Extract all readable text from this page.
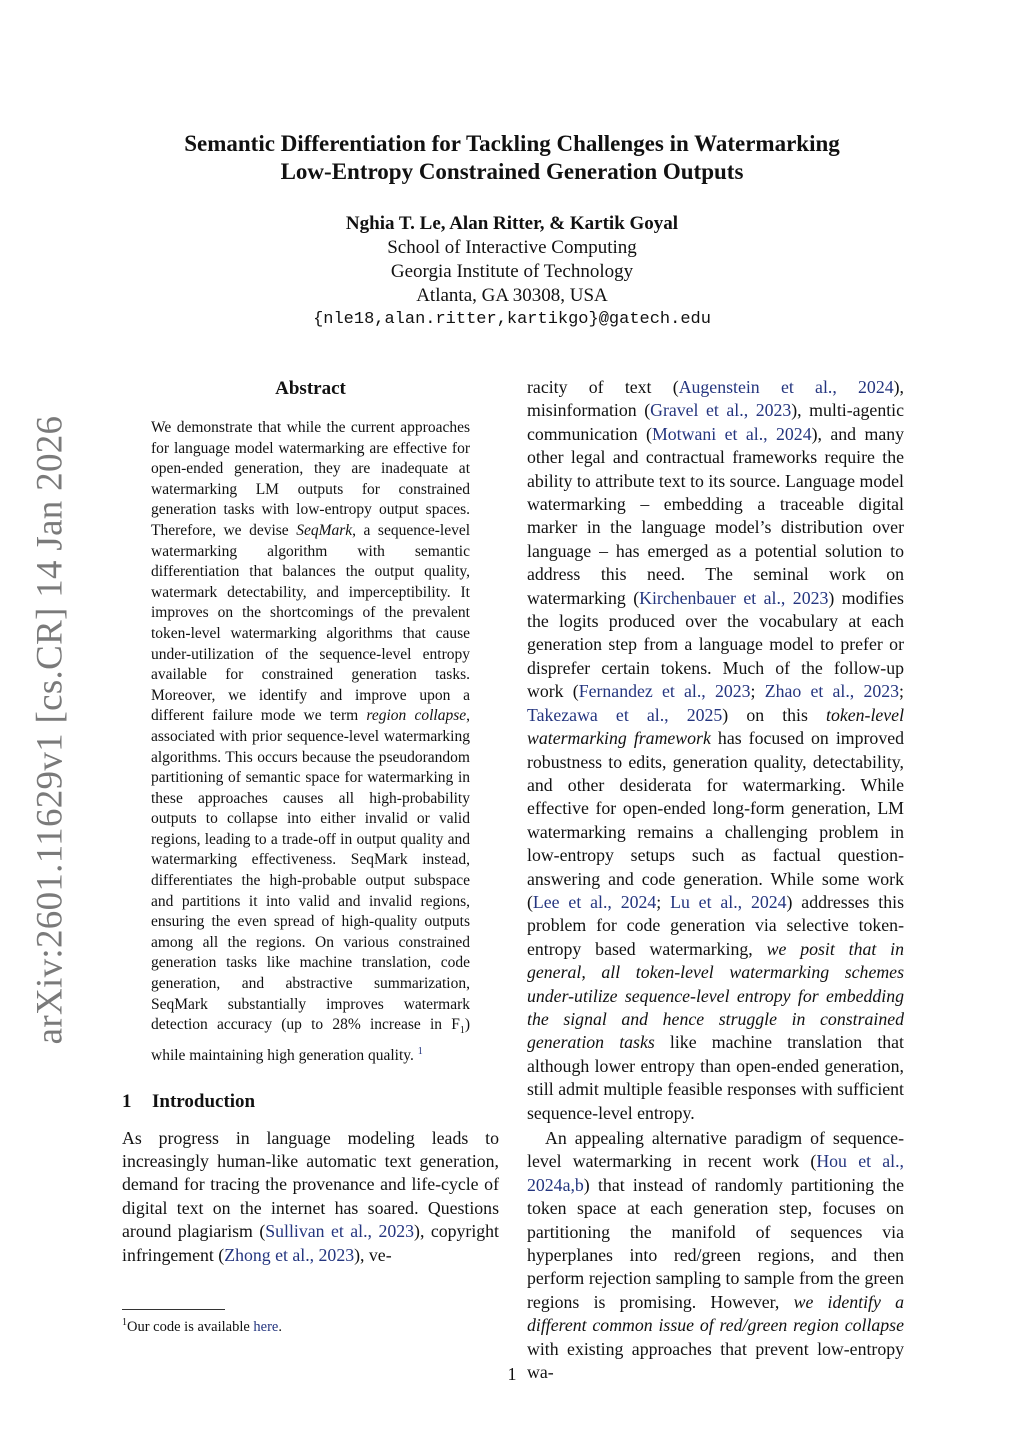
arXiv:2601.11629v1 [cs.CR] 14 Jan 2026
Semantic Differentiation for Tackling Challenges in Watermarking
Low-Entropy Constrained Generation Outputs
Nghia T. Le, Alan Ritter, & Kartik Goyal
School of Interactive Computing
Georgia Institute of Technology
Atlanta, GA 30308, USA
{nle18,alan.ritter,kartikgo}@gatech.edu
Abstract
We demonstrate that while the current approaches for language model watermarking are effective for open-ended generation, they are inadequate at watermarking LM outputs for constrained generation tasks with low-entropy output spaces. Therefore, we devise SeqMark, a sequence-level watermarking algorithm with semantic differentiation that balances the output quality, watermark detectability, and imperceptibility. It improves on the shortcomings of the prevalent token-level watermarking algorithms that cause under-utilization of the sequence-level entropy available for constrained generation tasks. Moreover, we identify and improve upon a different failure mode we term region collapse, associated with prior sequence-level watermarking algorithms. This occurs because the pseudorandom partitioning of semantic space for watermarking in these approaches causes all high-probability outputs to collapse into either invalid or valid regions, leading to a trade-off in output quality and watermarking effectiveness. SeqMark instead, differentiates the high-probable output subspace and partitions it into valid and invalid regions, ensuring the even spread of high-quality outputs among all the regions. On various constrained generation tasks like machine translation, code generation, and abstractive summarization, SeqMark substantially improves watermark detection accuracy (up to 28% increase in $F_1$) while maintaining high generation quality. $^1$
1 Introduction

As progress in language modeling leads to increasingly human-like automatic text generation, demand for tracing the provenance and life-cycle of digital text on the internet has soared. Questions around plagiarism (Sullivan et al., 2023), copyright infringement (Zhong et al., 2023), ve-

$^1$Our code is available here.

racity of text (Augenstein et al., 2024), misinformation (Gravel et al., 2023), multi-agentic communication (Motwani et al., 2024), and many other legal and contractual frameworks require the ability to attribute text to its source. Language model watermarking – embedding a traceable digital marker in the language model’s distribution over language – has emerged as a potential solution to address this need. The seminal work on watermarking (Kirchenbauer et al., 2023) modifies the logits produced over the vocabulary at each generation step from a language model to prefer or disprefer certain tokens. Much of the follow-up work (Fernandez et al., 2023; Zhao et al., 2023; Takezawa et al., 2025) on this token-level watermarking framework has focused on improved robustness to edits, generation quality, detectability, and other desiderata for watermarking. While effective for open-ended long-form generation, LM watermarking remains a challenging problem in low-entropy setups such as factual question-answering and code generation. While some work (Lee et al., 2024; Lu et al., 2024) addresses this problem for code generation via selective token-entropy based watermarking, we posit that in general, all token-level watermarking schemes under-utilize sequence-level entropy for embedding the signal and hence struggle in constrained generation tasks like machine translation that although lower entropy than open-ended generation, still admit multiple feasible responses with sufficient sequence-level entropy.

An appealing alternative paradigm of sequence-level watermarking in recent work (Hou et al., 2024a,b) that instead of randomly partitioning the token space at each generation step, focuses on partitioning the manifold of sequences via hyperplanes into red/green regions, and then perform rejection sampling to sample from the green regions is promising. However, we identify a different common issue of red/green region collapse with existing approaches that prevent low-entropy wa-

1
